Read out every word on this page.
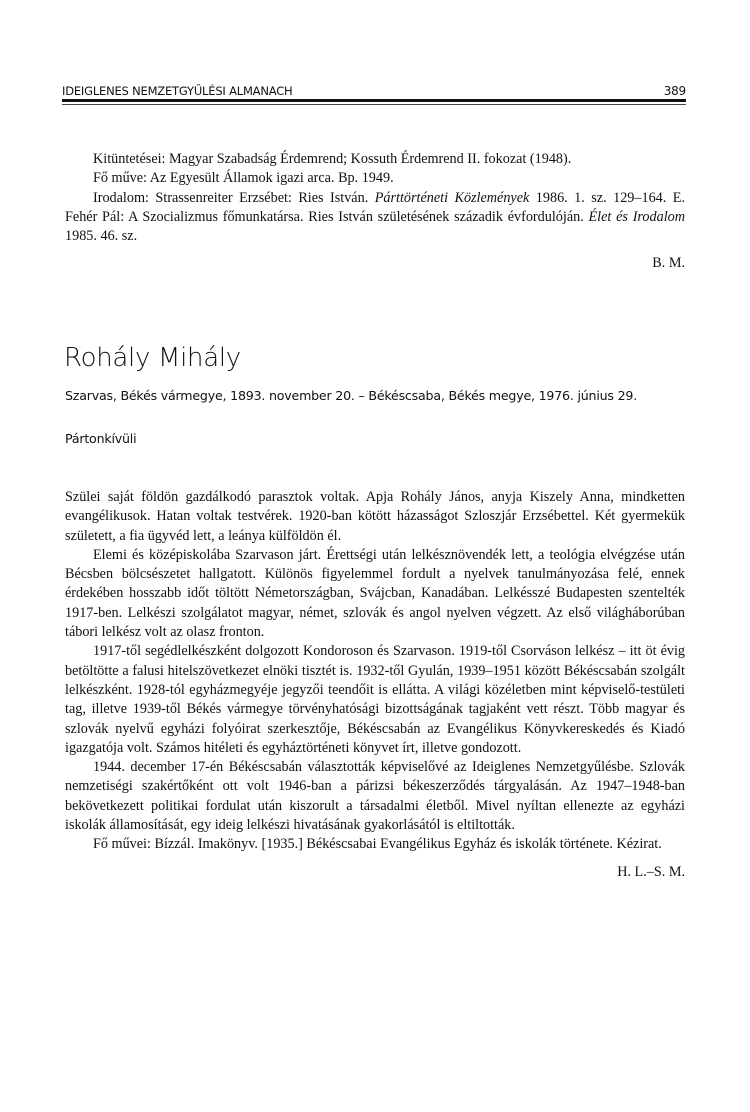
IDEIGLENES NEMZETGYŰLÉSI ALMANACH	389

Kitüntetései: Magyar Szabadság Érdemrend; Kossuth Érdemrend II. fokozat (1948).

Fő műve: Az Egyesült Államok igazi arca. Bp. 1949.

Irodalom: Strassenreiter Erzsébet: Ries István. Párttörténeti Közlemények 1986. 1. sz. 129–164. E. Fehér Pál: A Szocializmus főmunkatársa. Ries István születésének századik évfordulóján. Élet és Irodalom 1985. 46. sz.

B. M.

Rohály Mihály
Szarvas, Békés vármegye, 1893. november 20. – Békéscsaba, Békés megye, 1976. június 29.
Pártonkívüli

Szülei saját földön gazdálkodó parasztok voltak. Apja Rohály János, anyja Kiszely Anna, mindketten evangélikusok. Hatan voltak testvérek. 1920-ban kötött házasságot Szloszjár Erzsébettel. Két gyermekük született, a fia ügyvéd lett, a leánya külföldön él.

Elemi és középiskolába Szarvason járt. Érettségi után lelkésznövendék lett, a teológia elvégzése után Bécsben bölcsészetet hallgatott. Különös figyelemmel fordult a nyelvek tanulmányozása felé, ennek érdekében hosszabb időt töltött Németországban, Svájcban, Kanadában. Lelkésszé Budapesten szentelték 1917-ben. Lelkészi szolgálatot magyar, német, szlovák és angol nyelven végzett. Az első világháborúban tábori lelkész volt az olasz fronton.

1917-től segédlelkészként dolgozott Kondoroson és Szarvason. 1919-től Csorváson lelkész – itt öt évig betöltötte a falusi hitelszövetkezet elnöki tisztét is. 1932-től Gyulán, 1939–1951 között Békéscsabán szolgált lelkészként. 1928-tól egyházmegyéje jegyzői teendőit is ellátta. A világi közéletben mint képviselő-testületi tag, illetve 1939-től Békés vármegye törvényhatósági bizottságának tagjaként vett részt. Több magyar és szlovák nyelvű egyházi folyóirat szerkesztője, Békéscsabán az Evangélikus Könyvkereskedés és Kiadó igazgatója volt. Számos hitéleti és egyháztörténeti könyvet írt, illetve gondozott.

1944. december 17-én Békéscsabán választották képviselővé az Ideiglenes Nemzetgyűlésbe. Szlovák nemzetiségi szakértőként ott volt 1946-ban a párizsi békeszerződés tárgyalásán. Az 1947–1948-ban bekövetkezett politikai fordulat után kiszorult a társadalmi életből. Mivel nyíltan ellenezte az egyházi iskolák államosítását, egy ideig lelkészi hivatásának gyakorlásától is eltiltották.

Fő művei: Bízzál. Imakönyv. [1935.] Békéscsabai Evangélikus Egyház és iskolák története. Kézirat.

H. L.–S. M.
